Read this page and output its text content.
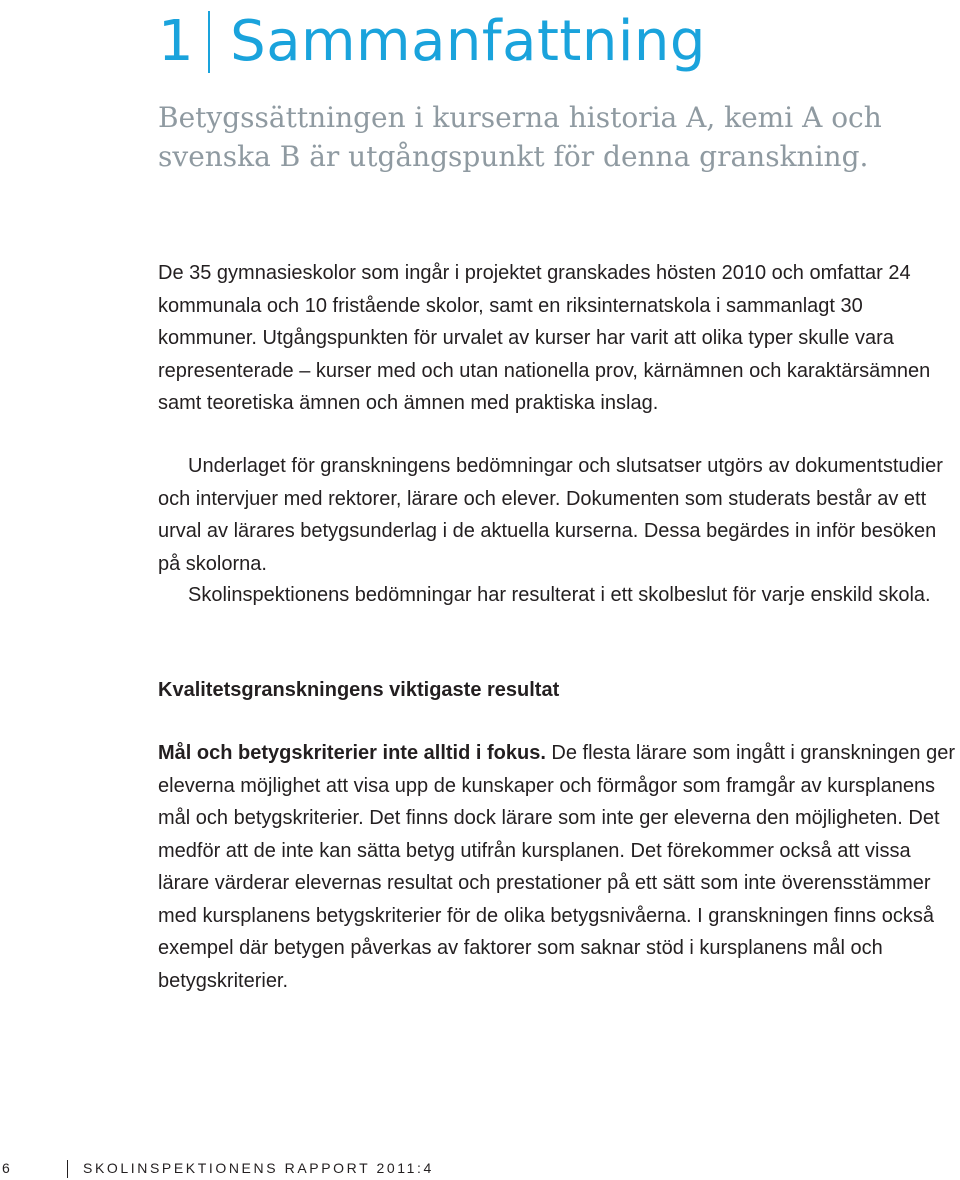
1 Sammanfattning

Betygssättningen i kurserna historia A, kemi A och svenska B är utgångspunkt för denna granskning.

De 35 gymnasieskolor som ingår i projektet granskades hösten 2010 och omfattar 24 kommunala och 10 fristående skolor, samt en riksinternatskola i sammanlagt 30 kommuner. Utgångspunkten för urvalet av kurser har varit att olika typer skulle vara representerade – kurser med och utan nationella prov, kärnämnen och karaktärsämnen samt teoretiska ämnen och ämnen med praktiska inslag.

Underlaget för granskningens bedömningar och slutsatser utgörs av dokumentstudier och intervjuer med rektorer, lärare och elever. Dokumenten som studerats består av ett urval av lärares betygsunderlag i de aktuella kurserna. Dessa begärdes in inför besöken på skolorna.

Skolinspektionens bedömningar har resulterat i ett skolbeslut för varje enskild skola.

Kvalitetsgranskningens viktigaste resultat

Mål och betygskriterier inte alltid i fokus. De flesta lärare som ingått i granskningen ger eleverna möjlighet att visa upp de kunskaper och förmågor som framgår av kursplanens mål och betygskriterier. Det finns dock lärare som inte ger eleverna den möjligheten. Det medför att de inte kan sätta betyg utifrån kursplanen. Det förekommer också att vissa lärare värderar elevernas resultat och prestationer på ett sätt som inte överensstämmer med kursplanens betygskriterier för de olika betygsnivåerna. I granskningen finns också exempel där betygen påverkas av faktorer som saknar stöd i kursplanens mål och betygskriterier.

6	SKOLINSPEKTIONENS RAPPORT 2011:4
